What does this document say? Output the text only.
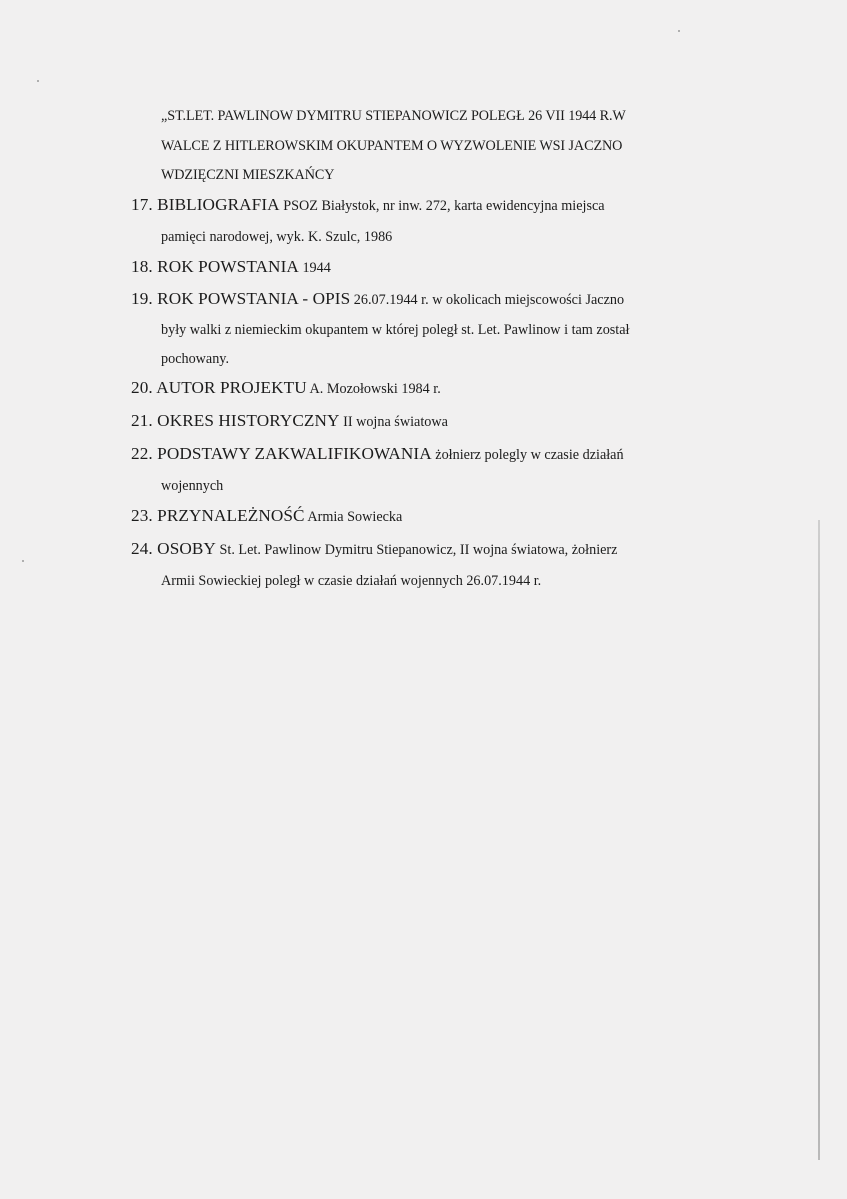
„ST.LET. PAWLINOW DYMITRU STIEPANOWICZ POLEGŁ 26 VII 1944 R.W
WALCE Z HITLEROWSKIM OKUPANTEM O WYZWOLENIE WSI JACZNO
WDZIĘCZNI MIESZKAŃCY
17. BIBLIOGRAFIA PSOZ Białystok, nr inw. 272, karta ewidencyjna miejsca
pamięci narodowej, wyk. K. Szulc, 1986
18. ROK POWSTANIA 1944
19. ROK POWSTANIA - OPIS 26.07.1944 r. w okolicach miejscowości Jaczno
były walki z niemieckim okupantem w której poległ st. Let. Pawlinow i tam został
pochowany.
20. AUTOR PROJEKTU A. Mozołowski 1984 r.
21. OKRES HISTORYCZNY II wojna światowa
22. PODSTAWY ZAKWALIFIKOWANIA żołnierz polegly w czasie działań
wojennych
23. PRZYNALEŻNOŚĆ Armia Sowiecka
24. OSOBY St. Let. Pawlinow Dymitru Stiepanowicz, II wojna światowa, żołnierz
Armii Sowieckiej poległ w czasie działań wojennych 26.07.1944 r.
